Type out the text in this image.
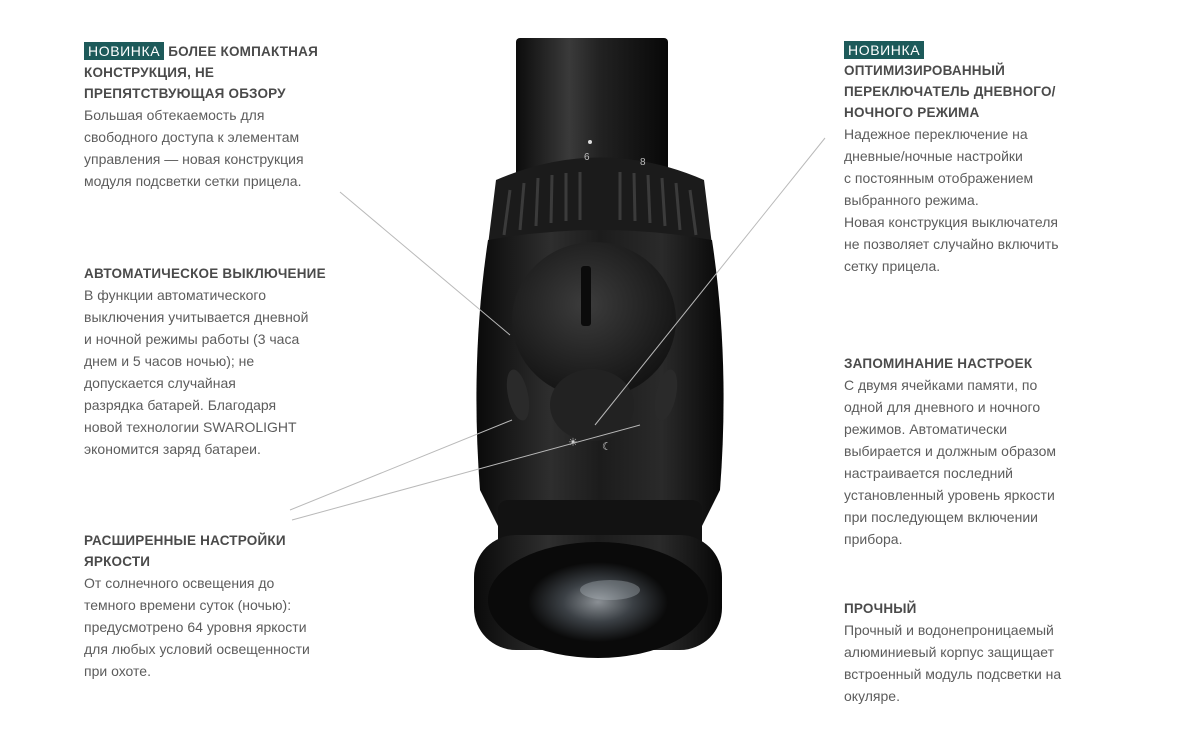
6	8
☀ ☾
НОВИНКА БОЛЕЕ КОМПАКТНАЯ
КОНСТРУКЦИЯ, НЕ
ПРЕПЯТСТВУЮЩАЯ ОБЗОРУ
Большая обтекаемость для
свободного доступа к элементам
управления — новая конструкция
модуля подсветки сетки прицела.
АВТОМАТИЧЕСКОЕ ВЫКЛЮЧЕНИЕ
В функции автоматического
выключения учитывается дневной
и ночной режимы работы (3 часа
днем и 5 часов ночью); не
допускается случайная
разрядка батарей. Благодаря
новой технологии SWAROLIGHT
экономится заряд батареи.
РАСШИРЕННЫЕ НАСТРОЙКИ
ЯРКОСТИ
От солнечного освещения до
темного времени суток (ночью):
предусмотрено 64 уровня яркости
для любых условий освещенности
при охоте.
НОВИНКА
ОПТИМИЗИРОВАННЫЙ
ПЕРЕКЛЮЧАТЕЛЬ ДНЕВНОГО/
НОЧНОГО РЕЖИМА
Надежное переключение на
дневные/ночные настройки
с постоянным отображением
выбранного режима.
Новая конструкция выключателя
не позволяет случайно включить
сетку прицела.
ЗАПОМИНАНИЕ НАСТРОЕК
С двумя ячейками памяти, по
одной для дневного и ночного
режимов. Автоматически
выбирается и должным образом
настраивается последний
установленный уровень яркости
при последующем включении
прибора.
ПРОЧНЫЙ
Прочный и водонепроницаемый
алюминиевый корпус защищает
встроенный модуль подсветки на
окуляре.
